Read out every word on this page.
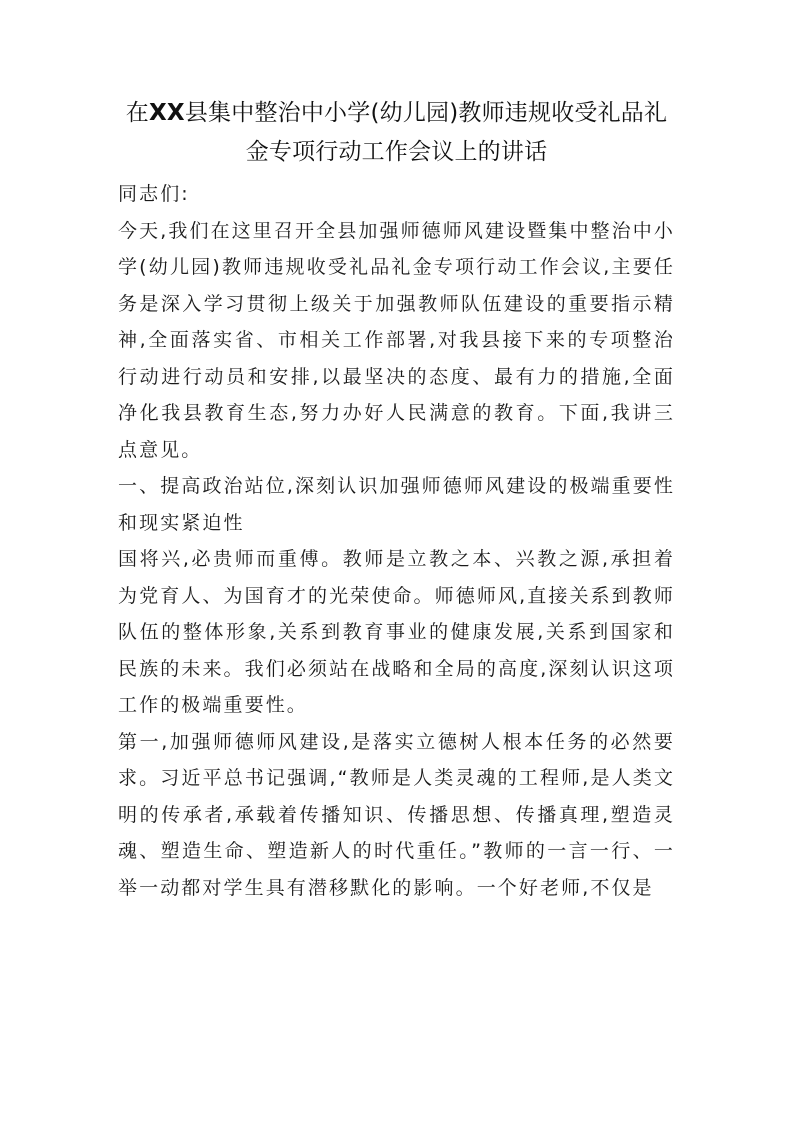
在XX县集中整治中小学(幼儿园)教师违规收受礼品礼
金专项行动工作会议上的讲话

同志们:

今天,我们在这里召开全县加强师德师风建设暨集中整治中小学(幼儿园)教师违规收受礼品礼金专项行动工作会议,主要任务是深入学习贯彻上级关于加强教师队伍建设的重要指示精神,全面落实省、市相关工作部署,对我县接下来的专项整治行动进行动员和安排,以最坚决的态度、最有力的措施,全面净化我县教育生态,努力办好人民满意的教育。下面,我讲三点意见。

一、提高政治站位,深刻认识加强师德师风建设的极端重要性和现实紧迫性

国将兴,必贵师而重傅。教师是立教之本、兴教之源,承担着为党育人、为国育才的光荣使命。师德师风,直接关系到教师队伍的整体形象,关系到教育事业的健康发展,关系到国家和民族的未来。我们必须站在战略和全局的高度,深刻认识这项工作的极端重要性。

第一,加强师德师风建设,是落实立德树人根本任务的必然要求。习近平总书记强调,“教师是人类灵魂的工程师,是人类文明的传承者,承载着传播知识、传播思想、传播真理,塑造灵魂、塑造生命、塑造新人的时代重任。”教师的一言一行、一举一动都对学生具有潜移默化的影响。一个好老师,不仅是
